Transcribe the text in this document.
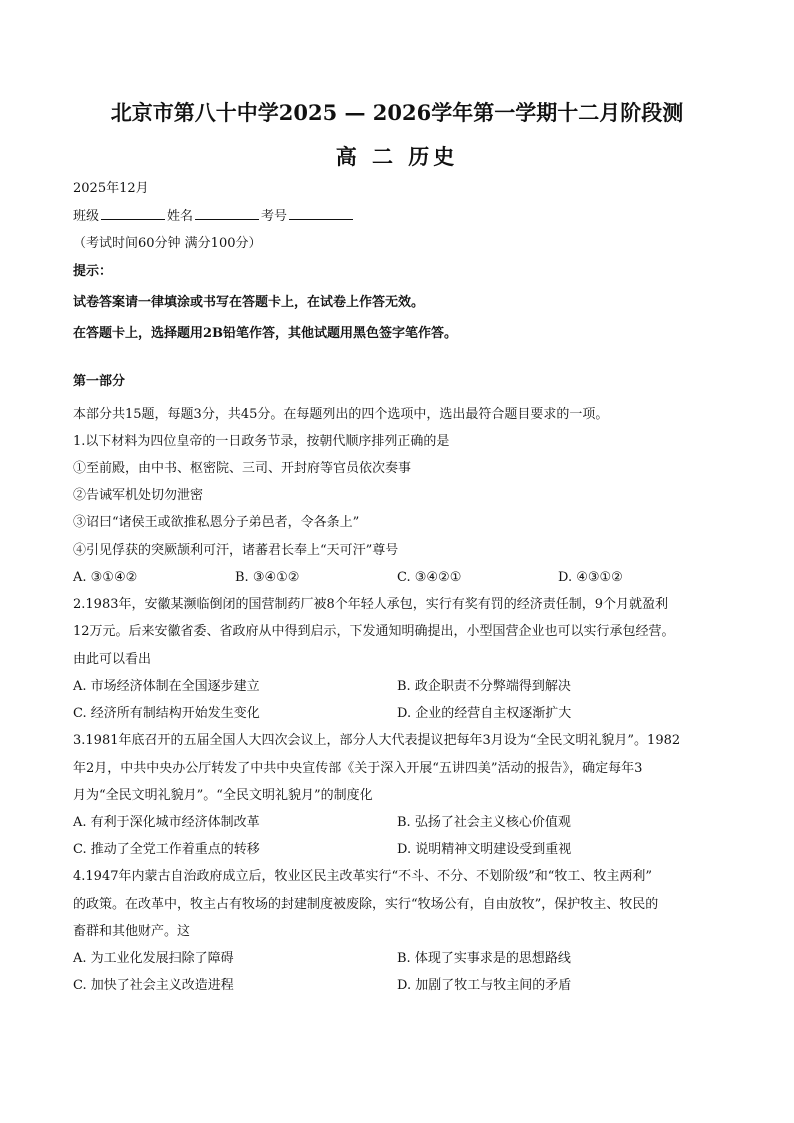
北京市第八十中学2025 — 2026学年第一学期十二月阶段测
高 二 历史
2025年12月
班级	姓名	考号
（考试时间60分钟 满分100分）
提示：
试卷答案请一律填涂或书写在答题卡上，在试卷上作答无效。
在答题卡上，选择题用2B铅笔作答，其他试题用黑色签字笔作答。
第一部分
本部分共15题，每题3分，共45分。在每题列出的四个选项中，选出最符合题目要求的一项。
1.以下材料为四位皇帝的一日政务节录，按朝代顺序排列正确的是
①至前殿，由中书、枢密院、三司、开封府等官员依次奏事
②告诫军机处切勿泄密
③诏曰“诸侯王或欲推私恩分子弟邑者，令各条上”
④引见俘获的突厥颉利可汗，诸蕃君长奉上“天可汗”尊号
A. ③①④②	B. ③④①②	C. ③④②①	D. ④③①②
2.1983年，安徽某濒临倒闭的国营制药厂被8个年轻人承包，实行有奖有罚的经济责任制，9个月就盈利
12万元。后来安徽省委、省政府从中得到启示，下发通知明确提出，小型国营企业也可以实行承包经营。
由此可以看出
A. 市场经济体制在全国逐步建立	B. 政企职责不分弊端得到解决
C. 经济所有制结构开始发生变化	D. 企业的经营自主权逐渐扩大
3.1981年底召开的五届全国人大四次会议上，部分人大代表提议把每年3月设为“全民文明礼貌月”。1982
年2月，中共中央办公厅转发了中共中央宣传部《关于深入开展“五讲四美”活动的报告》，确定每年3
月为“全民文明礼貌月”。“全民文明礼貌月”的制度化
A. 有利于深化城市经济体制改革	B. 弘扬了社会主义核心价值观
C. 推动了全党工作着重点的转移	D. 说明精神文明建设受到重视
4.1947年内蒙古自治政府成立后，牧业区民主改革实行“不斗、不分、不划阶级”和“牧工、牧主两利”
的政策。在改革中，牧主占有牧场的封建制度被废除，实行“牧场公有，自由放牧”，保护牧主、牧民的
畜群和其他财产。这
A. 为工业化发展扫除了障碍	B. 体现了实事求是的思想路线
C. 加快了社会主义改造进程	D. 加剧了牧工与牧主间的矛盾
